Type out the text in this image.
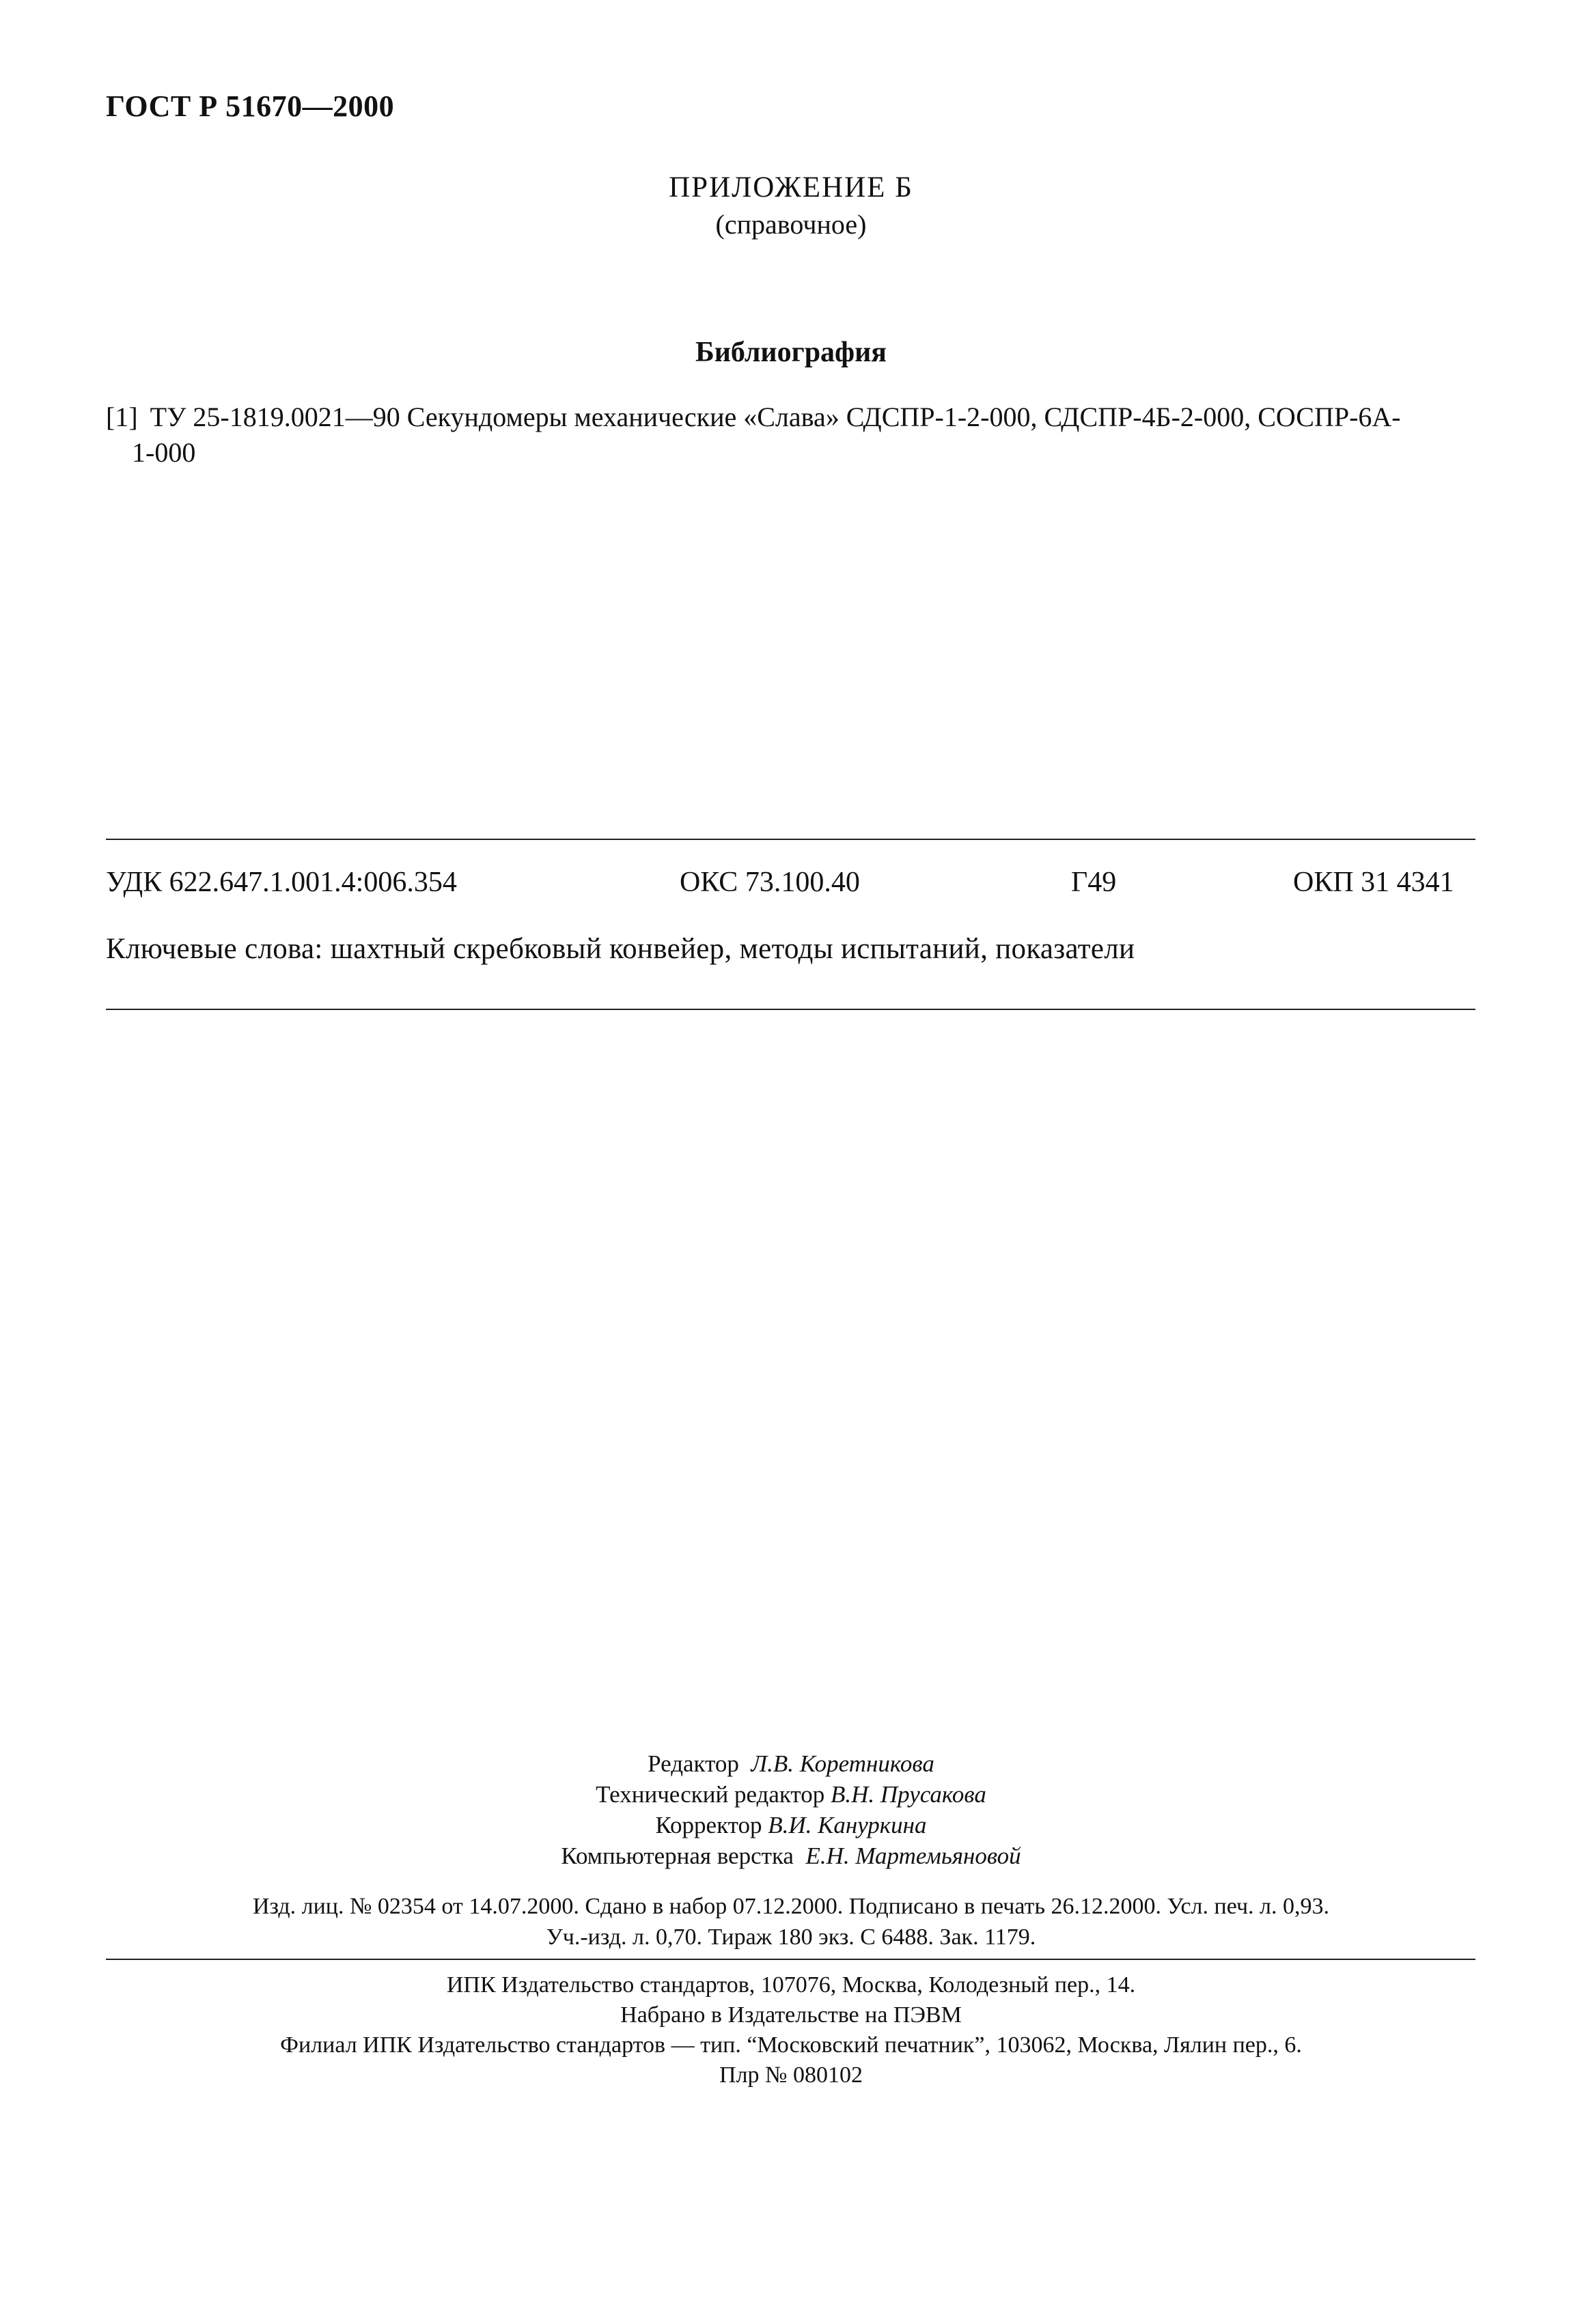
ГОСТ Р 51670—2000
ПРИЛОЖЕНИЕ Б
(справочное)
Библиография
[1] ТУ 25-1819.0021—90 Секундомеры механические «Слава» СДСПР-1-2-000, СДСПР-4Б-2-000, СОСПР-6А-
1-000
УДК 622.647.1.001.4:006.354	ОКС 73.100.40	Г49	ОКП 31 4341
Ключевые слова: шахтный скребковый конвейер, методы испытаний, показатели
Редактор Л.В. Коретникова
Технический редактор В.Н. Прусакова
Корректор В.И. Кануркина
Компьютерная верстка Е.Н. Мартемьяновой
Изд. лиц. № 02354 от 14.07.2000. Сдано в набор 07.12.2000. Подписано в печать 26.12.2000. Усл. печ. л. 0,93.
Уч.-изд. л. 0,70. Тираж 180 экз. С 6488. Зак. 1179.
ИПК Издательство стандартов, 107076, Москва, Колодезный пер., 14.
Набрано в Издательстве на ПЭВМ
Филиал ИПК Издательство стандартов — тип. “Московский печатник”, 103062, Москва, Лялин пер., 6.
Плр № 080102
